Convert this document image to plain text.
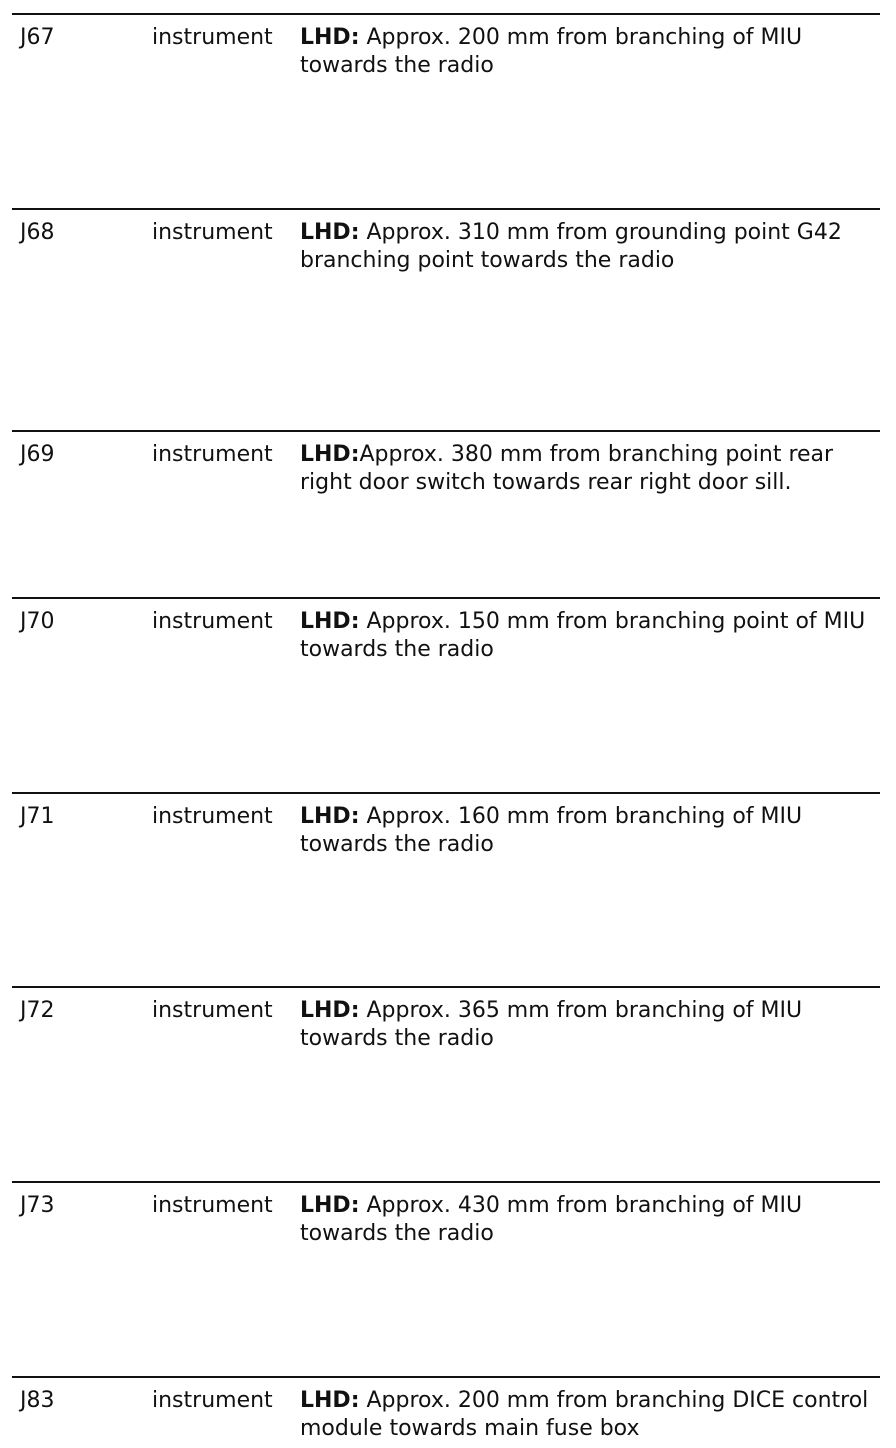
J67	instrument	LHD: Approx. 200 mm from branching of MIU towards the radio
J68	instrument	LHD: Approx. 310 mm from grounding point G42 branching point towards the radio
J69	instrument	LHD:Approx. 380 mm from branching point rear right door switch towards rear right door sill.
J70	instrument	LHD: Approx. 150 mm from branching point of MIU towards the radio
J71	instrument	LHD: Approx. 160 mm from branching of MIU towards the radio
J72	instrument	LHD: Approx. 365 mm from branching of MIU towards the radio
J73	instrument	LHD: Approx. 430 mm from branching of MIU towards the radio
J83	instrument	LHD: Approx. 200 mm from branching DICE control module towards main fuse box
